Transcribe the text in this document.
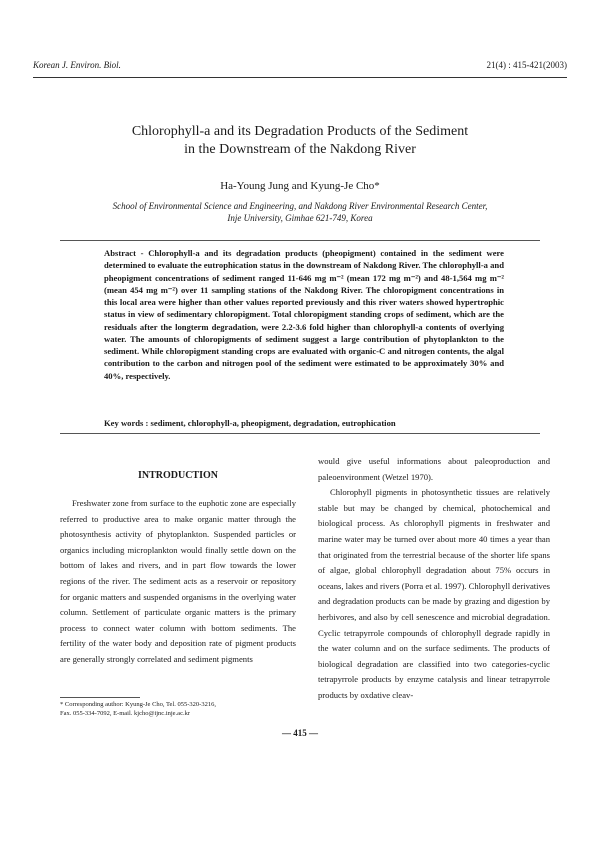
Korean J. Environ. Biol.	21(4) : 415-421(2003)
Chlorophyll-a and its Degradation Products of the Sediment
in the Downstream of the Nakdong River
Ha-Young Jung and Kyung-Je Cho*
School of Environmental Science and Engineering, and Nakdong River Environmental Research Center,
Inje University, Gimhae 621-749, Korea
Abstract - Chlorophyll-a and its degradation products (pheopigment) contained in the sediment were determined to evaluate the eutrophication status in the downstream of Nakdong River. The chlorophyll-a and pheopigment concentrations of sediment ranged 11-646 mg m⁻² (mean 172 mg m⁻²) and 48-1,564 mg m⁻² (mean 454 mg m⁻²) over 11 sampling stations of the Nakdong River. The chloropigment concentrations in this local area were higher than other values reported previously and this river waters showed hypertrophic status in view of sedimentary chloropigment. Total chloropigment standing crops of sediment, which are the residuals after the longterm degradation, were 2.2-3.6 fold higher than chlorophyll-a contents of overlying water. The amounts of chloropigments of sediment suggest a large contribution of phytoplankton to the sediment. While chloropigment standing crops are evaluated with organic-C and nitrogen contents, the algal contribution to the carbon and nitrogen pool of the sediment were estimated to be approximately 30% and 40%, respectively.
Key words : sediment, chlorophyll-a, pheopigment, degradation, eutrophication
INTRODUCTION

Freshwater zone from surface to the euphotic zone are especially referred to productive area to make organic matter through the photosynthesis activity of phytoplankton. Suspended particles or organics including microplankton would finally settle down on the bottom of lakes and rivers, and in part flow towards the lower regions of the river. The sediment acts as a reservoir or repository for organic matters and suspended organisms in the overlying water column. Settlement of particulate organic matters is the primary process to connect water column with bottom sediments. The fertility of the water body and deposition rate of pigment products are generally strongly correlated and sediment pigments

would give useful informations about paleoproduction and paleoenvironment (Wetzel 1970).

Chlorophyll pigments in photosynthetic tissues are relatively stable but may be changed by chemical, photochemical and biological process. As chlorophyll pigments in freshwater and marine water may be turned over about more 40 times a year than that originated from the terrestrial because of the shorter life spans of algae, global chlorophyll degradation about 75% occurs in oceans, lakes and rivers (Porra et al. 1997). Chlorophyll derivatives and degradation products can be made by grazing and digestion by herbivores, and also by cell senescence and microbial degradation. Cyclic tetrapyrrole compounds of chlorophyll degrade rapidly in the water column and on the surface sediments. The products of biological degradation are classified into two categories-cyclic tetrapyrrole products by enzyme catalysis and linear tetrapyrrole products by oxdative cleav-

* Corresponding author: Kyung-Je Cho, Tel. 055-320-3216,
Fax. 055-334-7092, E-mail. kjcho@ijnc.inje.ac.kr
— 415 —
